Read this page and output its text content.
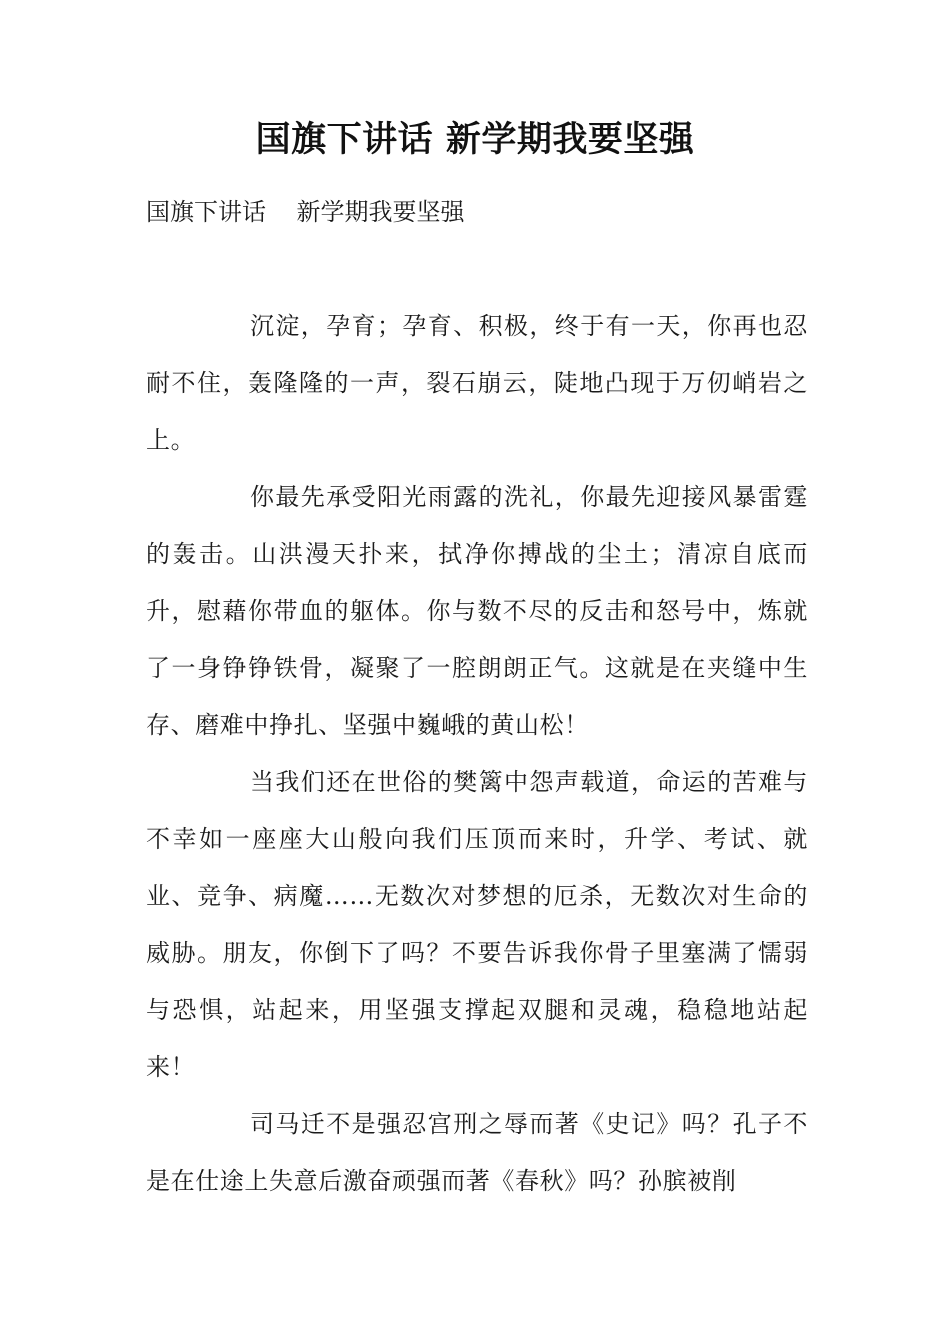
国旗下讲话 新学期我要坚强

国旗下讲话    新学期我要坚强

沉淀，孕育；孕育、积极，终于有一天，你再也忍耐不住，轰隆隆的一声，裂石崩云，陡地凸现于万仞峭岩之上。

你最先承受阳光雨露的洗礼，你最先迎接风暴雷霆的轰击。山洪漫天扑来，拭净你搏战的尘土；清凉自底而升，慰藉你带血的躯体。你与数不尽的反击和怒号中，炼就了一身铮铮铁骨，凝聚了一腔朗朗正气。这就是在夹缝中生存、磨难中挣扎、坚强中巍峨的黄山松！

当我们还在世俗的樊篱中怨声载道，命运的苦难与不幸如一座座大山般向我们压顶而来时，升学、考试、就业、竞争、病魔……无数次对梦想的厄杀，无数次对生命的威胁。朋友，你倒下了吗？不要告诉我你骨子里塞满了懦弱与恐惧，站起来，用坚强支撑起双腿和灵魂，稳稳地站起来！

司马迁不是强忍宫刑之辱而著《史记》吗？孔子不是在仕途上失意后激奋顽强而著《春秋》吗？孙膑被削
